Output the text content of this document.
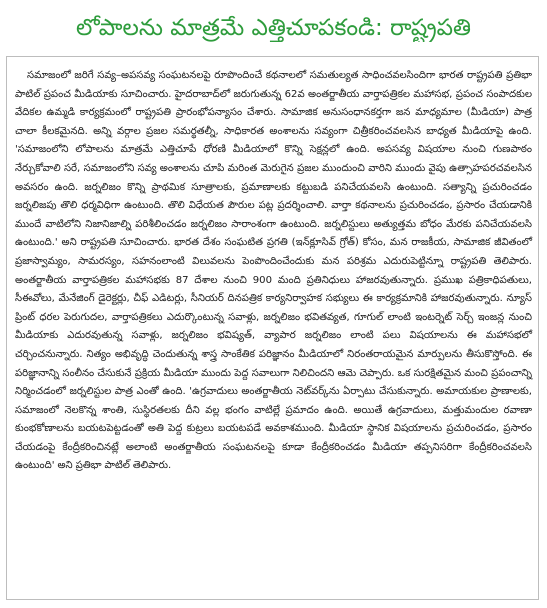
లోపాలను మాత్రమే ఎత్తిచూపకండి: రాష్ట్రపతి

సమాజంలో జరిగే సవ్య–అపసవ్య సంఘటనలపై రూపొందించే కథనాలలో సమతుల్యత సాధించవలసిందిగా భారత రాష్ట్రపతి ప్రతిభా పాటిల్ ప్రపంచ మీడియాకు సూచించారు. హైదరాబాద్‌లో జరుగుతున్న 62వ అంతర్జాతీయ వార్తాపత్రికల మహాసభ, ప్రపంచ సంపాదకుల వేదికల ఉమ్మడి కార్యక్రమంలో రాష్ట్రపతి ప్రారంభోపన్యాసం చేశారు. సామాజిక అనుసంధానకర్తగా జన మాధ్యమాల (మీడియా) పాత్ర చాలా కీలకమైనది. అన్ని వర్గాల ప్రజల సమర్థతల్నీ, సాధికారత అంశాలను సవ్యంగా చిత్రీకరించవలసిన బాధ్యత మీడియాపై ఉంది. 'సమాజంలోని లోపాలను మాత్రమే ఎత్తిచూపే ధోరణి మీడియాలో కొన్ని సెక్షన్లలో ఉంది. అపసవ్య విషయాల నుంచి గుణపాఠం నేర్చుకోవాలి సరే, సమాజంలోని సవ్య అంశాలను చూపి మరింత మెరుగైన ప్రజల ముందుంచి వారిని ముందు వైపు ఉత్సాహపరచవలసిన అవసరం ఉంది. జర్నలిజం కొన్ని ప్రాథమిక సూత్రాలకు, ప్రమాణాలకు కట్టుబడి పనిచేయవలసి ఉంటుంది. సత్యాన్ని ప్రచురించడం జర్నలిజపు తొలి ధర్మవిధిగా ఉంటుంది. తొలి విధేయత పౌరుల పట్ల ప్రదర్శించాలి. వార్తా కథనాలను ప్రచురించడం, ప్రసారం చేయడానికి ముందే వాటిలోని నిజానిజాల్ని పరిశీలించడం జర్నలిజం సారాంశంగా ఉంటుంది. జర్నలిస్టులు అత్యుత్తమ బోధం మేరకు పనిచేయవలసి ఉంటుంది.' అని రాష్ట్రపతి సూచించారు. భారత దేశం సంఘటిత ప్రగతి (ఇన్‌క్లూసివ్ గ్రోత్) కోసం, మన రాజకీయ, సామాజిక జీవితంలో ప్రజాస్వామ్యం, సామరస్యం, సహనంలాంటి విలువలను పెంపొందించేందుకు మన పరిశ్రమ ఎదురుపెట్టిన్నూ రాష్ట్రపతి తెలిపారు. అంతర్జాతీయ వార్తాపత్రికల మహాసభకు 87 దేశాల నుంచి 900 మంది ప్రతినిధులు హాజరవుతున్నారు. ప్రముఖ పత్రికాధిపతులు, సీఈవోలు, మేనేజింగ్ డైరెక్టర్లు, చీఫ్ ఎడిటర్లు, సీనియర్ దినపత్రిక కార్యనిర్వాహక సభ్యులు ఈ కార్యక్రమానికి హాజరవుతున్నారు. న్యూస్ ప్రింట్ ధరల పెరుగుదల, వార్తాపత్రికలు ఎదుర్కొంటున్న సవాళ్లు, జర్నలిజం భవితవ్యత, గూగుల్ లాంటి ఇంటర్నెట్ సెర్చ్ ఇంజన్ల నుంచి మీడియాకు ఎదురవుతున్న సవాళ్లు, జర్నలిజం భవిష్యత్, వ్యాపార జర్నలిజం లాంటి పలు విషయాలను ఈ మహాసభలో చర్చించనున్నారు. నిత్యం అభివృద్ధి చెందుతున్న శాస్త్ర సాంకేతిక పరిజ్ఞానం మీడియాలో నిరంతరాయమైన మార్పులను తీసుకొస్తోంది. ఈ పరిజ్ఞానాన్ని సంలీనం చేసుకునే ప్రక్రియ మీడియా ముందు పెద్ద సవాలుగా నిలిచిందని ఆమె చెప్పారు. ఒక సురక్షితమైన మంచి ప్రపంచాన్ని నిర్మించడంలో జర్నలిస్టుల పాత్ర ఎంతో ఉంది. 'ఉగ్రవాదులు అంతర్జాతీయ నెట్‌వర్క్‌ను ఏర్పాటు చేసుకున్నారు. అమాయకుల ప్రాణాలకు, సమాజంలో నెలకొన్న శాంతి, సుస్థిరతలకు దీని వల్ల భంగం వాటిల్లే ప్రమాదం ఉంది. అయితే ఉగ్రవాదులు, మత్తుమందుల రవాణా కుంభకోణాలను బయటపెట్టడంతో అతి పెద్ద కుట్రలు బయటపడే అవకాశముంది. మీడియా స్థానిక విషయాలను ప్రచురించడం, ప్రసారం చేయడంపై కేంద్రీకరించినట్లే అలాంటి అంతర్జాతీయ సంఘటనలపై కూడా కేంద్రీకరించడం మీడియా తప్పనిసరిగా కేంద్రీకరించవలసి ఉంటుంది' అని ప్రతిభా పాటిల్ తెలిపారు.
